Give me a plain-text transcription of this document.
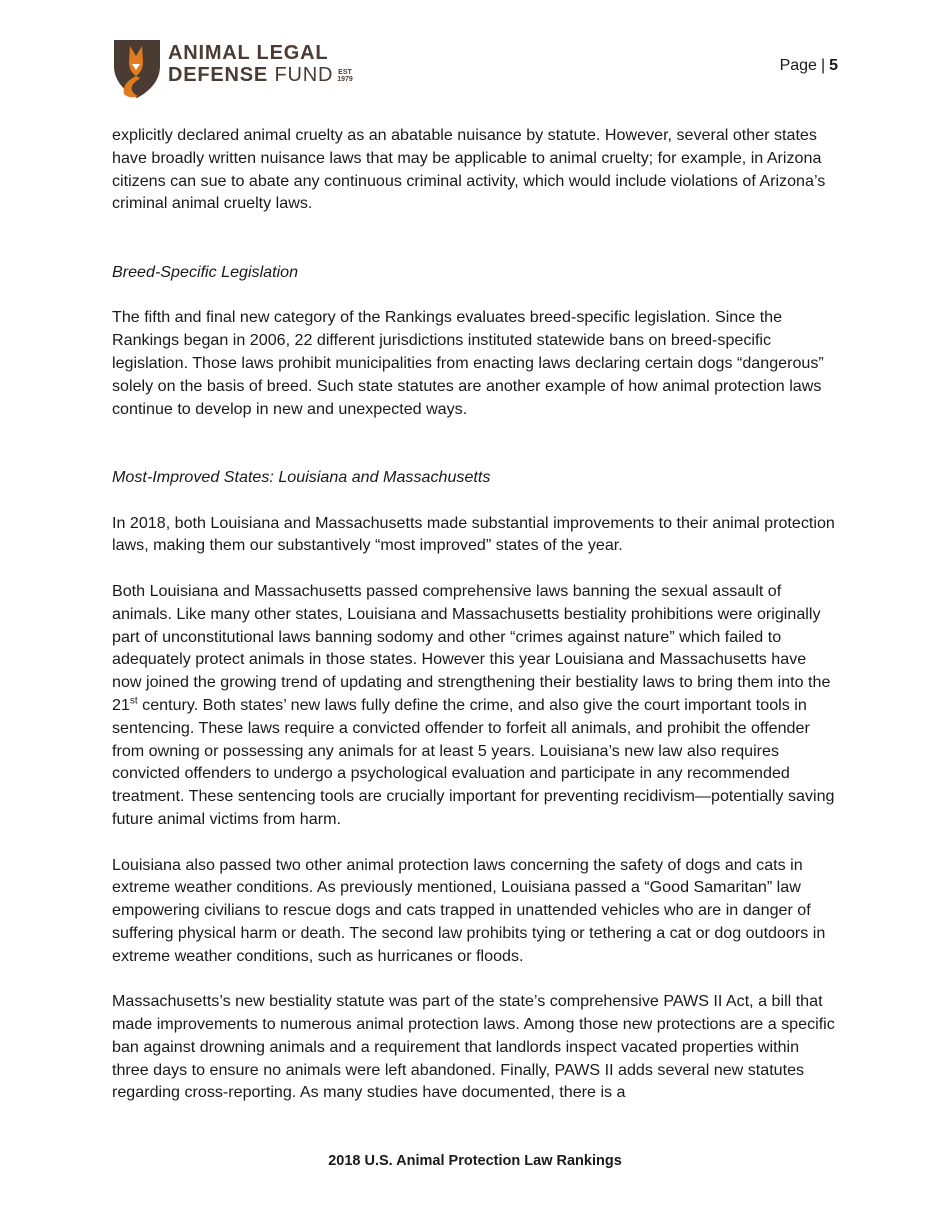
ANIMAL LEGAL
DEFENSE FUND EST
1979
Page | 5

explicitly declared animal cruelty as an abatable nuisance by statute. However, several other states have broadly written nuisance laws that may be applicable to animal cruelty; for example, in Arizona citizens can sue to abate any continuous criminal activity, which would include violations of Arizona’s criminal animal cruelty laws.

Breed-Specific Legislation

The fifth and final new category of the Rankings evaluates breed-specific legislation. Since the Rankings began in 2006, 22 different jurisdictions instituted statewide bans on breed-specific legislation. Those laws prohibit municipalities from enacting laws declaring certain dogs “dangerous” solely on the basis of breed. Such state statutes are another example of how animal protection laws continue to develop in new and unexpected ways.

Most-Improved States: Louisiana and Massachusetts

In 2018, both Louisiana and Massachusetts made substantial improvements to their animal protection laws, making them our substantively “most improved” states of the year.

Both Louisiana and Massachusetts passed comprehensive laws banning the sexual assault of animals. Like many other states, Louisiana and Massachusetts bestiality prohibitions were originally part of unconstitutional laws banning sodomy and other “crimes against nature” which failed to adequately protect animals in those states. However this year Louisiana and Massachusetts have now joined the growing trend of updating and strengthening their bestiality laws to bring them into the 21st century. Both states’ new laws fully define the crime, and also give the court important tools in sentencing. These laws require a convicted offender to forfeit all animals, and prohibit the offender from owning or possessing any animals for at least 5 years. Louisiana’s new law also requires convicted offenders to undergo a psychological evaluation and participate in any recommended treatment. These sentencing tools are crucially important for preventing recidivism—potentially saving future animal victims from harm.

Louisiana also passed two other animal protection laws concerning the safety of dogs and cats in extreme weather conditions. As previously mentioned, Louisiana passed a “Good Samaritan” law empowering civilians to rescue dogs and cats trapped in unattended vehicles who are in danger of suffering physical harm or death. The second law prohibits tying or tethering a cat or dog outdoors in extreme weather conditions, such as hurricanes or floods.

Massachusetts’s new bestiality statute was part of the state’s comprehensive PAWS II Act, a bill that made improvements to numerous animal protection laws. Among those new protections are a specific ban against drowning animals and a requirement that landlords inspect vacated properties within three days to ensure no animals were left abandoned. Finally, PAWS II adds several new statutes regarding cross-reporting. As many studies have documented, there is a

2018 U.S. Animal Protection Law Rankings
